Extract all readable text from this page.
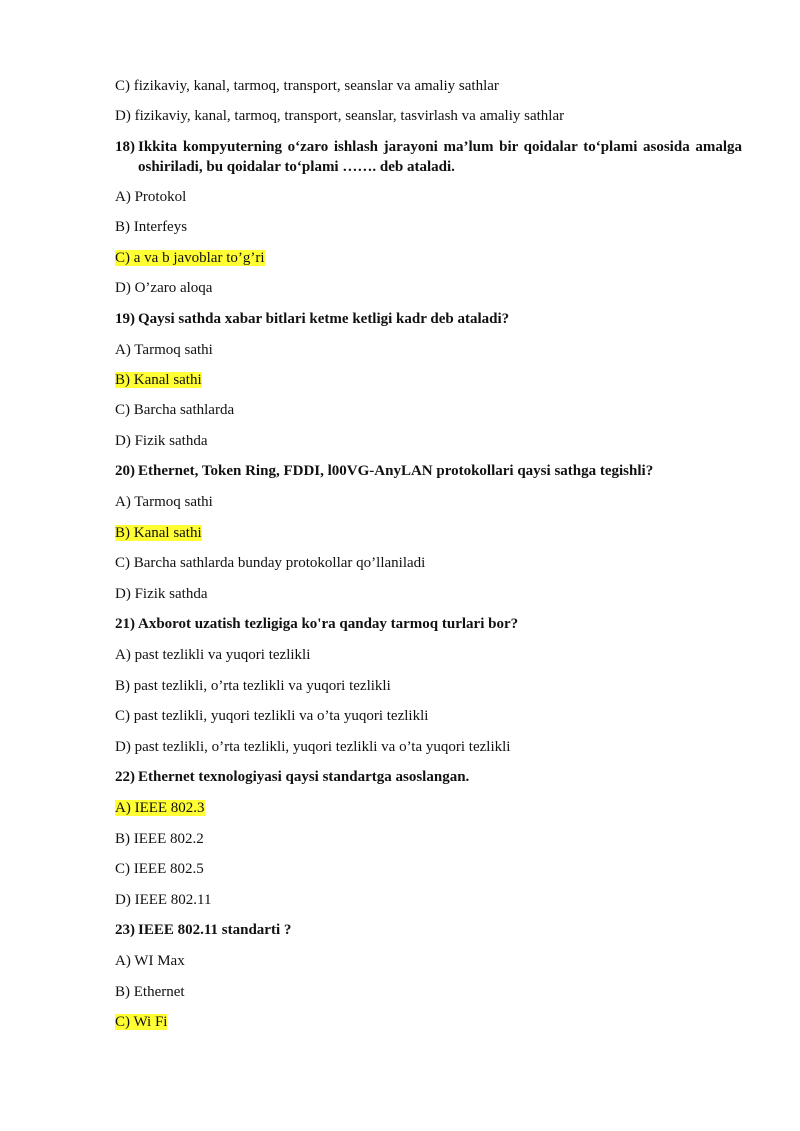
C) fizikaviy, kanal, tarmoq, transport, seanslar va amaliy sathlar
D) fizikaviy, kanal, tarmoq, transport, seanslar, tasvirlash va amaliy sathlar
18) Ikkita kompyuterning o‘zaro ishlash jarayoni ma’lum bir qoidalar to‘plami asosida amalga oshiriladi, bu qoidalar to‘plami ……. deb ataladi.
A) Protokol
B) Interfeys
C) a va b javoblar to’g’ri
D) O’zaro aloqa
19) Qaysi sathda xabar bitlari ketme ketligi kadr deb ataladi?
A) Tarmoq sathi
B) Kanal sathi
C) Barcha sathlarda
D) Fizik sathda
20) Ethernet, Token Ring, FDDI, l00VG-AnyLAN protokollari qaysi sathga tegishli?
A) Tarmoq sathi
B) Kanal sathi
C) Barcha sathlarda bunday protokollar qo’llaniladi
D) Fizik sathda
21) Axborot uzatish tezligiga ko'ra qanday tarmoq turlari bor?
A) past tezlikli va yuqori tezlikli
B) past tezlikli, o’rta tezlikli va yuqori tezlikli
C) past tezlikli, yuqori tezlikli va o’ta yuqori tezlikli
D) past tezlikli, o’rta tezlikli, yuqori tezlikli va o’ta yuqori tezlikli
22) Ethernet texnologiyasi qaysi standartga asoslangan.
A) IEEE 802.3
B) IEEE 802.2
C) IEEE 802.5
D) IEEE 802.11
23) IEEE 802.11 standarti ?
A) WI Max
B) Ethernet
C) Wi Fi
